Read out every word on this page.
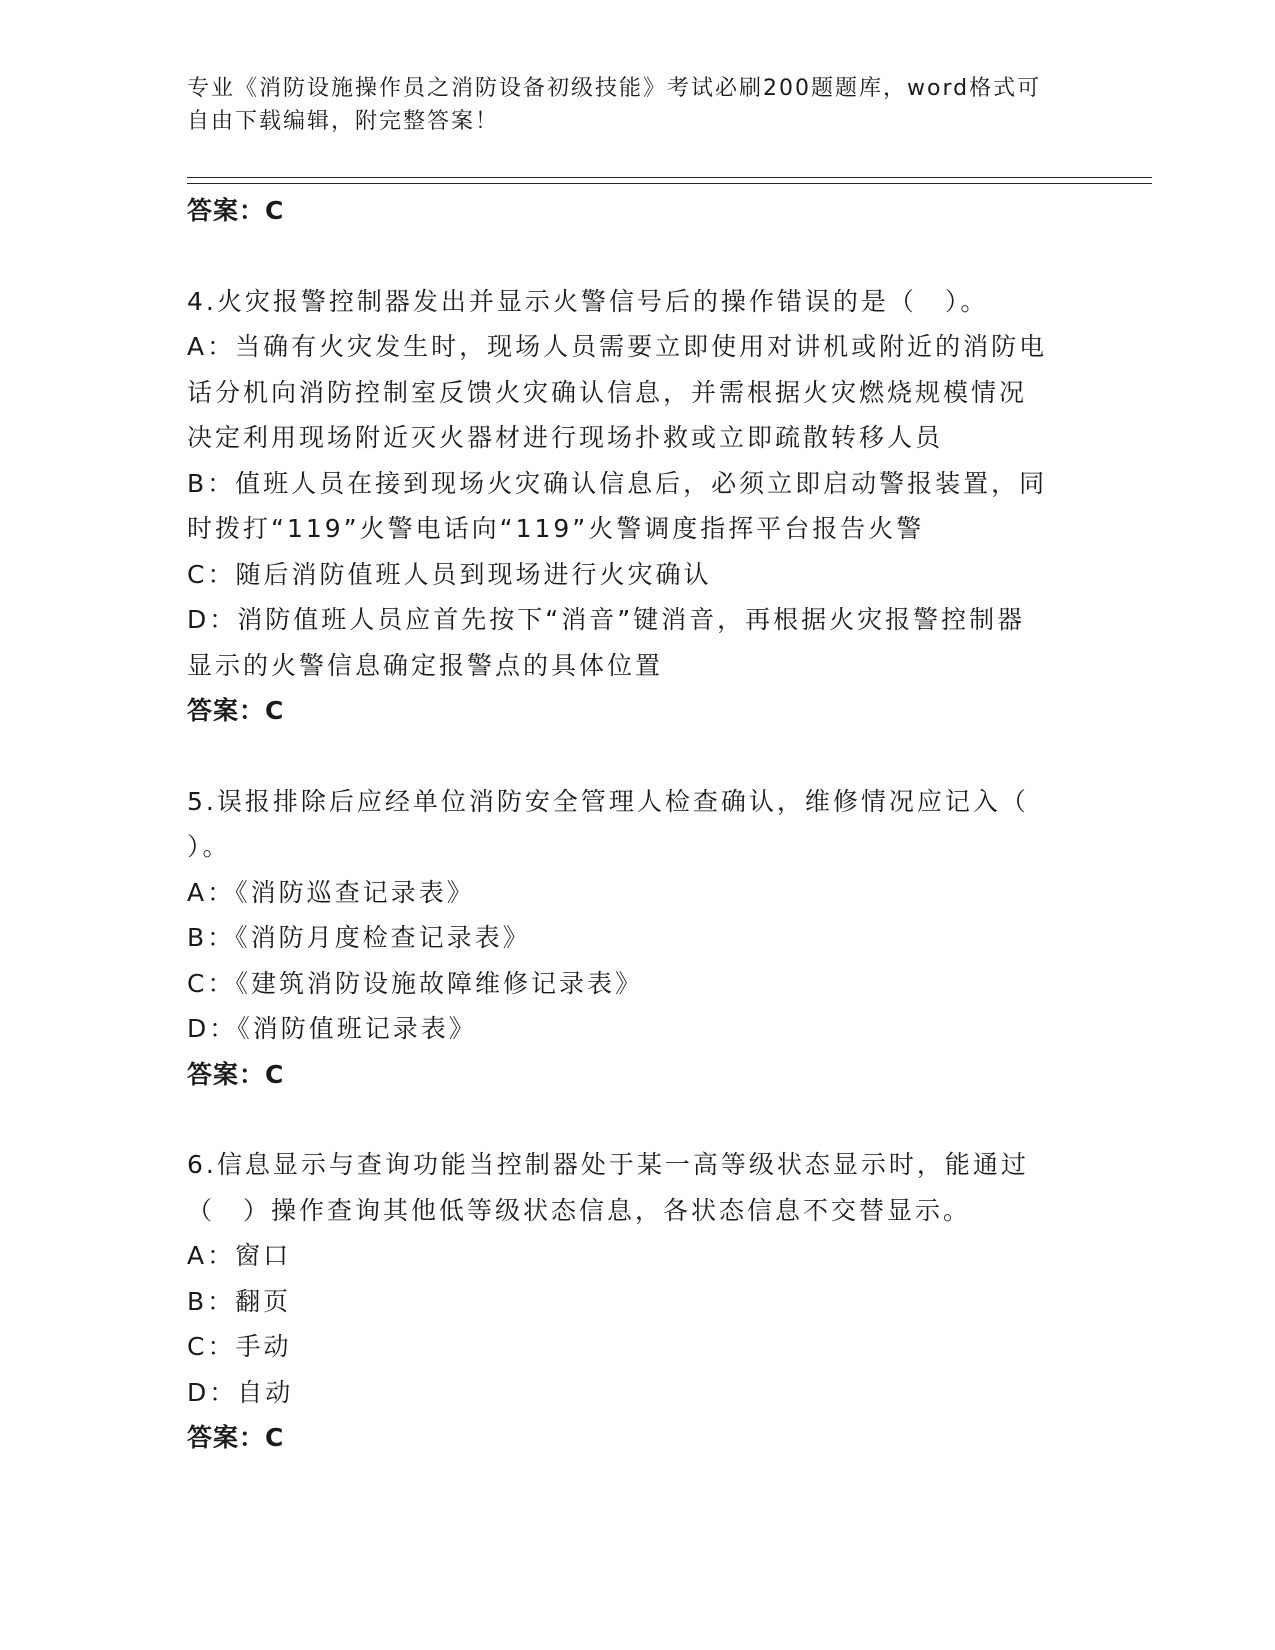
专业《消防设施操作员之消防设备初级技能》考试必刷200题题库，word格式可
自由下载编辑，附完整答案！
答案：C
4.火灾报警控制器发出并显示火警信号后的操作错误的是（　）。
A：当确有火灾发生时，现场人员需要立即使用对讲机或附近的消防电
话分机向消防控制室反馈火灾确认信息，并需根据火灾燃烧规模情况
决定利用现场附近灭火器材进行现场扑救或立即疏散转移人员
B：值班人员在接到现场火灾确认信息后，必须立即启动警报装置，同
时拨打“119”火警电话向“119”火警调度指挥平台报告火警
C：随后消防值班人员到现场进行火灾确认
D：消防值班人员应首先按下“消音”键消音，再根据火灾报警控制器
显示的火警信息确定报警点的具体位置
答案：C
5.误报排除后应经单位消防安全管理人检查确认，维修情况应记入（
）。
A：《消防巡查记录表》
B：《消防月度检查记录表》
C：《建筑消防设施故障维修记录表》
D：《消防值班记录表》
答案：C
6.信息显示与查询功能当控制器处于某一高等级状态显示时，能通过
（　）操作查询其他低等级状态信息，各状态信息不交替显示。
A：窗口
B：翻页
C：手动
D：自动
答案：C
